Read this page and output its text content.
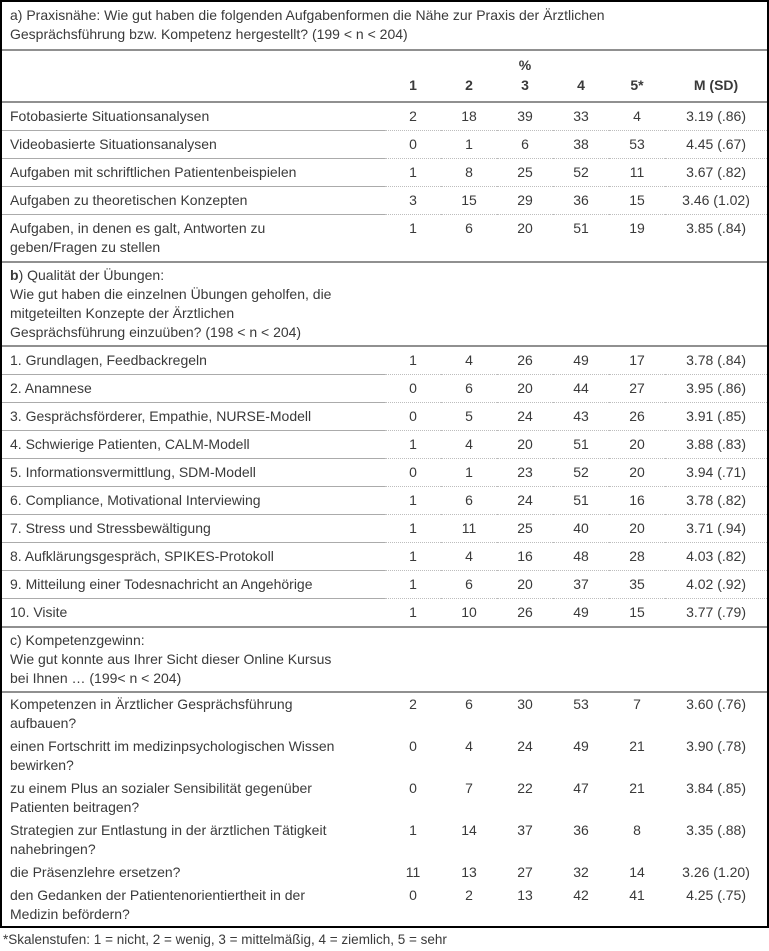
a) Praxisnähe: Wie gut haben die folgenden Aufgabenformen die Nähe zur Praxis der Ärztlichen
Gesprächsführung bzw. Kompetenz hergestellt? (199 < n < 204)						

	%					
	1	2	3	4	5*	M (SD)

Fotobasierte Situationsanalysen	2	18	39	33	4	3.19 (.86)

Videobasierte Situationsanalysen	0	1	6	38	53	4.45 (.67)

Aufgaben mit schriftlichen Patientenbeispielen	1	8	25	52	11	3.67 (.82)

Aufgaben zu theoretischen Konzepten	3	15	29	36	15	3.46 (1.02)

Aufgaben, in denen es galt, Antworten zu
geben/Fragen zu stellen	1	6	20	51	19	3.85 (.84)

b) Qualität der Übungen:
Wie gut haben die einzelnen Übungen geholfen, die
mitgeteilten Konzepte der Ärztlichen
Gesprächsführung einzuüben? (198 < n < 204)						

1. Grundlagen, Feedbackregeln	1	4	26	49	17	3.78 (.84)

2. Anamnese	0	6	20	44	27	3.95 (.86)

3. Gesprächsförderer, Empathie, NURSE-Modell	0	5	24	43	26	3.91 (.85)

4. Schwierige Patienten, CALM-Modell	1	4	20	51	20	3.88 (.83)

5. Informationsvermittlung, SDM-Modell	0	1	23	52	20	3.94 (.71)

6. Compliance, Motivational Interviewing	1	6	24	51	16	3.78 (.82)

7. Stress und Stressbewältigung	1	11	25	40	20	3.71 (.94)

8. Aufklärungsgespräch, SPIKES-Protokoll	1	4	16	48	28	4.03 (.82)

9. Mitteilung einer Todesnachricht an Angehörige	1	6	20	37	35	4.02 (.92)

10. Visite	1	10	26	49	15	3.77 (.79)

c) Kompetenzgewinn:
Wie gut konnte aus Ihrer Sicht dieser Online Kursus
bei Ihnen … (199< n < 204)						

Kompetenzen in Ärztlicher Gesprächsführung
aufbauen?	2	6	30	53	7	3.60 (.76)

einen Fortschritt im medizinpsychologischen Wissen
bewirken?	0	4	24	49	21	3.90 (.78)

zu einem Plus an sozialer Sensibilität gegenüber
Patienten beitragen?	0	7	22	47	21	3.84 (.85)

Strategien zur Entlastung in der ärztlichen Tätigkeit
nahebringen?	1	14	37	36	8	3.35 (.88)

die Präsenzlehre ersetzen?	11	13	27	32	14	3.26 (1.20)

den Gedanken der Patientenorientiertheit in der
Medizin befördern?	0	2	13	42	41	4.25 (.75)
*Skalenstufen: 1 = nicht, 2 = wenig, 3 = mittelmäßig, 4 = ziemlich, 5 = sehr
